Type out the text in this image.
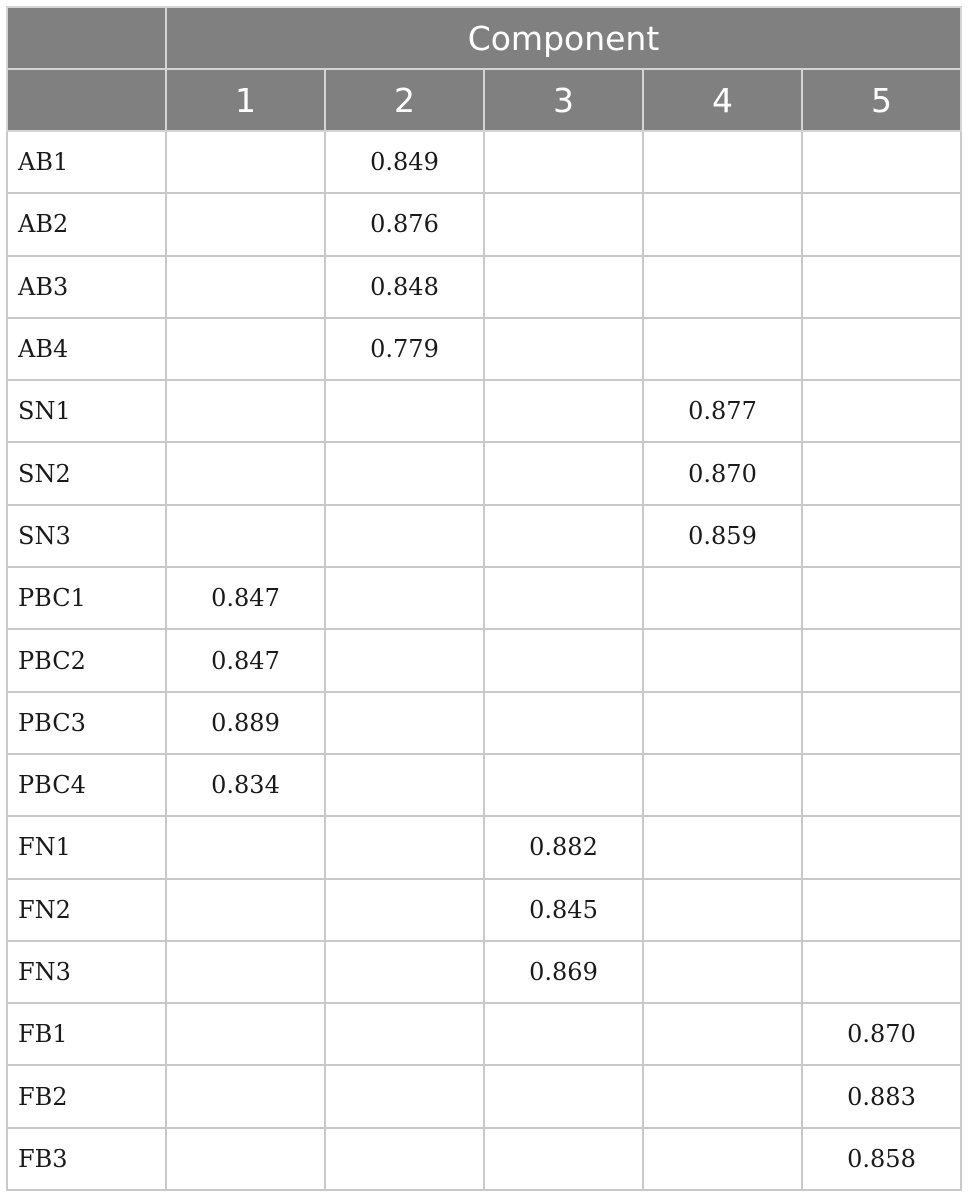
	Component				
	1	2	3	4	5
AB1		0.849			
AB2		0.876			
AB3		0.848			
AB4		0.779			
SN1				0.877	
SN2				0.870	
SN3				0.859	
PBC1	0.847				
PBC2	0.847				
PBC3	0.889				
PBC4	0.834				
FN1			0.882		
FN2			0.845		
FN3			0.869		
FB1					0.870
FB2					0.883
FB3					0.858
